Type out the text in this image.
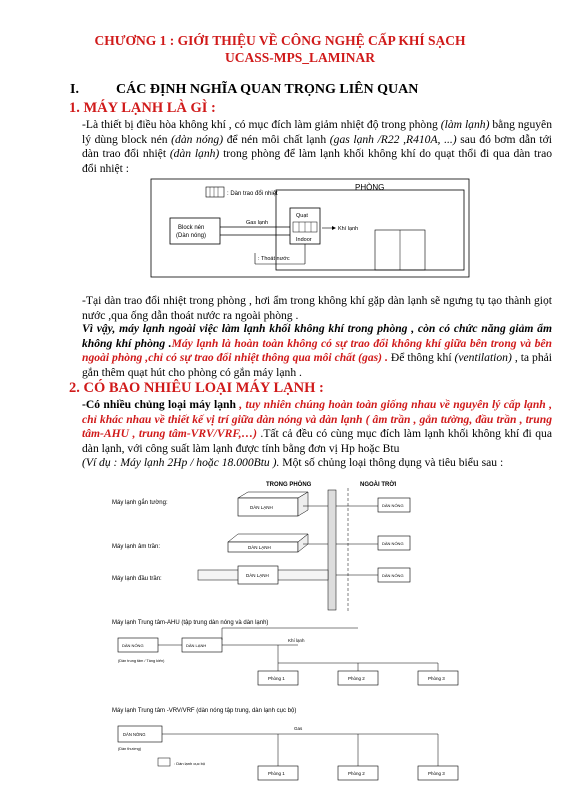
CHƯƠNG 1 : GIỚI THIỆU VỀ CÔNG NGHỆ CẤP KHÍ SẠCH
UCASS-MPS_LAMINAR
I.	CÁC ĐỊNH NGHĨA QUAN TRỌNG LIÊN QUAN
1. MÁY LẠNH LÀ GÌ :
-Là thiết bị điều hòa không khí , có mục đích làm giảm nhiệt độ trong phòng (làm lạnh) bằng nguyên lý dùng block nén (dàn nóng) để nén môi chất lạnh (gas lạnh /R22 ,R410A, ...) sau đó bơm dẫn tới dàn trao đổi nhiệt (dàn lạnh) trong phòng để làm lạnh khối không khí do quạt thổi đi qua dàn trao đổi nhiệt :
: Dàn trao đổi nhiệt
PHÒNG
Block nén
(Dàn nóng)
Gas lạnh
Quạt
Indoor
Khí lạnh
: Thoát nước
-Tại dàn trao đổi nhiệt trong phòng , hơi ẩm trong không khí gặp dàn lạnh sẽ ngưng tụ tạo thành giọt nước ,qua ống dẫn thoát nước ra ngoài phòng .
Vì vậy, máy lạnh ngoài việc làm lạnh khối không khí trong phòng , còn có chức năng giảm ẩm không khí phòng .Máy lạnh là hoàn toàn không có sự trao đổi không khí giữa bên trong và bên ngoài phòng ,chỉ có sự trao đổi nhiệt thông qua môi chất (gas) . Để thông khí (ventilation) , ta phải gắn thêm quạt hút cho phòng có gắn máy lạnh .
2. CÓ BAO NHIÊU LOẠI MÁY LẠNH :
-Có nhiều chủng loại máy lạnh , tuy nhiên chúng hoàn toàn giống nhau về nguyên lý cấp lạnh , chỉ khác nhau về thiết kế vị trí giữa dàn nóng và dàn lạnh ( âm trần , gắn tường, đầu trần , trung tâm-AHU , trung tâm-VRV/VRF,…) .Tất cả đều có cùng mục đích làm lạnh khối không khí đi qua dàn lạnh, với công suất làm lạnh được tính bằng đơn vị Hp hoặc Btu
(Ví dụ : Máy lạnh 2Hp / hoặc 18.000Btu ). Một số chủng loại thông dụng và tiêu biểu sau :
TRONG PHÒNG	NGOÀI TRỜI
Máy lạnh gắn tường:
DÀN LẠNH	DÀN NÓNG
Máy lạnh âm trần:	DÀN LẠNH
DÀN NÓNG
Máy lạnh đầu trần:
DÀN LẠNH	DÀN NÓNG
Máy lạnh Trung tâm-AHU (tập trung dàn nóng và dàn lạnh)
DÀN NÓNG	DÀN LẠNH
(Dàn trung tâm / Tầng kiến)
Khí lạnh
Phòng 1	Phòng 2	Phòng 3
Máy lạnh Trung tâm -VRV/VRF (dàn nóng tập trung, dàn lạnh cục bộ)
DÀN NÓNG
(Dàn thường)
Gas
Phòng 1	Phòng 2	Phòng 3
: Dàn lạnh cục bộ
